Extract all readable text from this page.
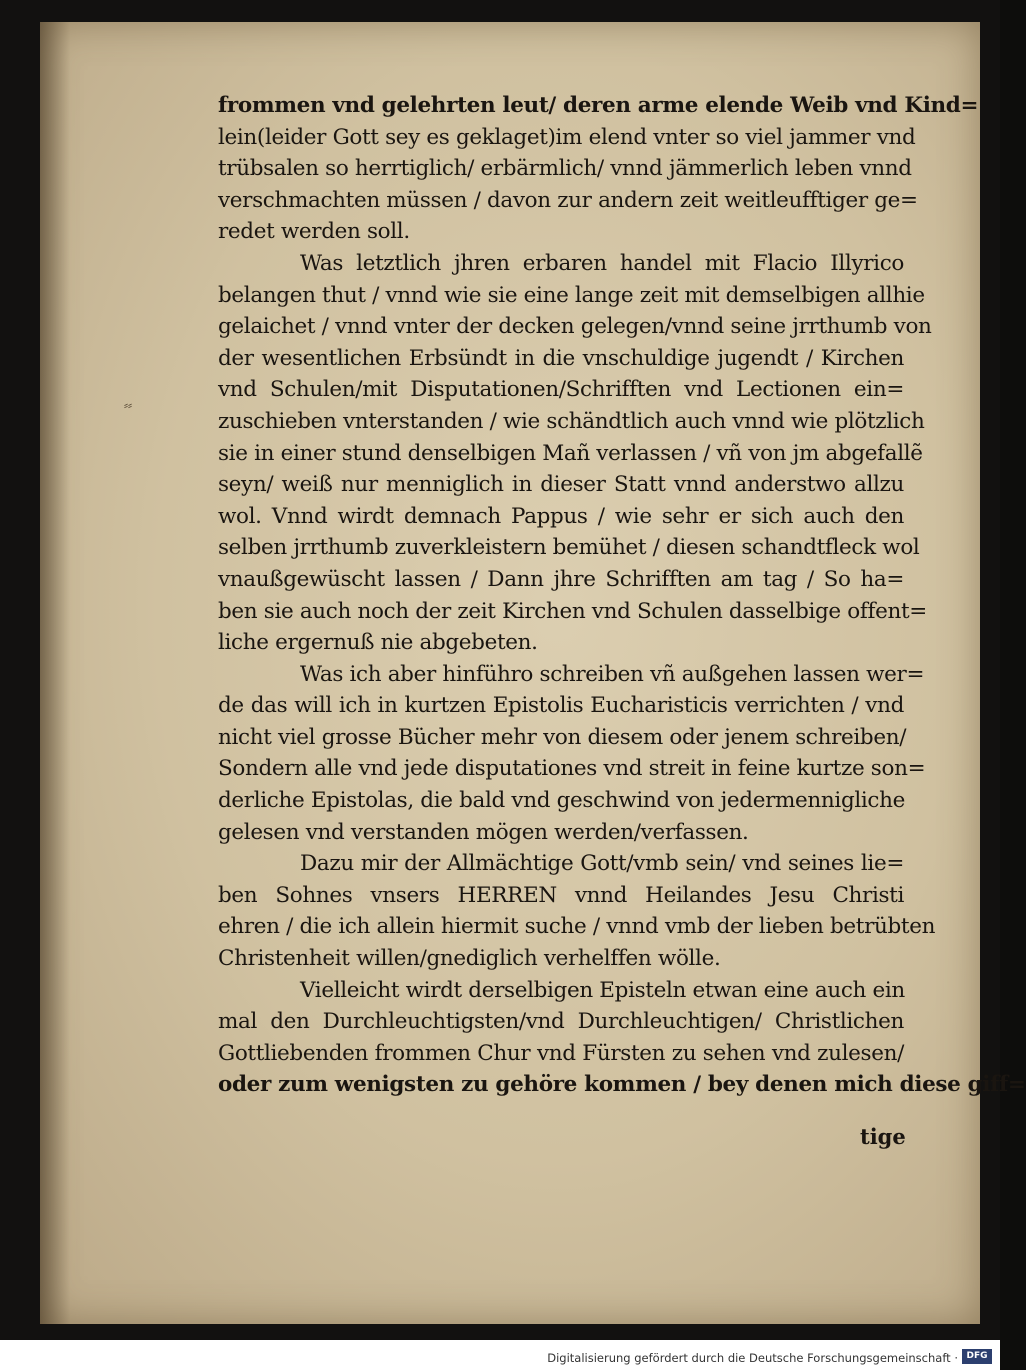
⸗⸗
frommen vnd gelehrten leut/ deren arme elende Weib vnd Kind=
lein(leider Gott sey es geklaget)im elend vnter so viel jammer vnd
trübsalen so herrtiglich/ erbärmlich/ vnnd jämmerlich leben vnnd
verschmachten müssen / davon zur andern zeit weitleufftiger ge=
redet werden soll.
Was letztlich jhren erbaren handel mit Flacio Illyrico
belangen thut / vnnd wie sie eine lange zeit mit demselbigen allhie
gelaichet / vnnd vnter der decken gelegen/vnnd seine jrrthumb von
der wesentlichen Erbsündt in die vnschuldige jugendt / Kirchen
vnd Schulen/mit Disputationen/Schrifften vnd Lectionen ein=
zuschieben vnterstanden / wie schändtlich auch vnnd wie plötzlich
sie in einer stund denselbigen Mañ verlassen / vñ von jm abgefallẽ
seyn/ weiß nur menniglich in dieser Statt vnnd anderstwo allzu
wol. Vnnd wirdt demnach Pappus / wie sehr er sich auch den
selben jrrthumb zuverkleistern bemühet / diesen schandtfleck wol
vnaußgewüscht lassen / Dann jhre Schrifften am tag / So ha=
ben sie auch noch der zeit Kirchen vnd Schulen dasselbige offent=
liche ergernuß nie abgebeten.
Was ich aber hinführo schreiben vñ außgehen lassen wer=
de das will ich in kurtzen Epistolis Eucharisticis verrichten / vnd
nicht viel grosse Bücher mehr von diesem oder jenem schreiben/
Sondern alle vnd jede disputationes vnd streit in feine kurtze son=
derliche Epistolas, die bald vnd geschwind von jedermennigliche
gelesen vnd verstanden mögen werden/verfassen.
Dazu mir der Allmächtige Gott/vmb sein/ vnd seines lie=
ben Sohnes vnsers HERREN vnnd Heilandes Jesu Christi
ehren / die ich allein hiermit suche / vnnd vmb der lieben betrübten
Christenheit willen/gnediglich verhelffen wölle.
Vielleicht wirdt derselbigen Episteln etwan eine auch ein
mal den Durchleuchtigsten/vnd Durchleuchtigen/ Christlichen
Gottliebenden frommen Chur vnd Fürsten zu sehen vnd zulesen/
oder zum wenigsten zu gehöre kommen / bey denen mich diese giff=
tige
Digitalisierung gefördert durch die Deutsche Forschungsgemeinschaft · DFG
